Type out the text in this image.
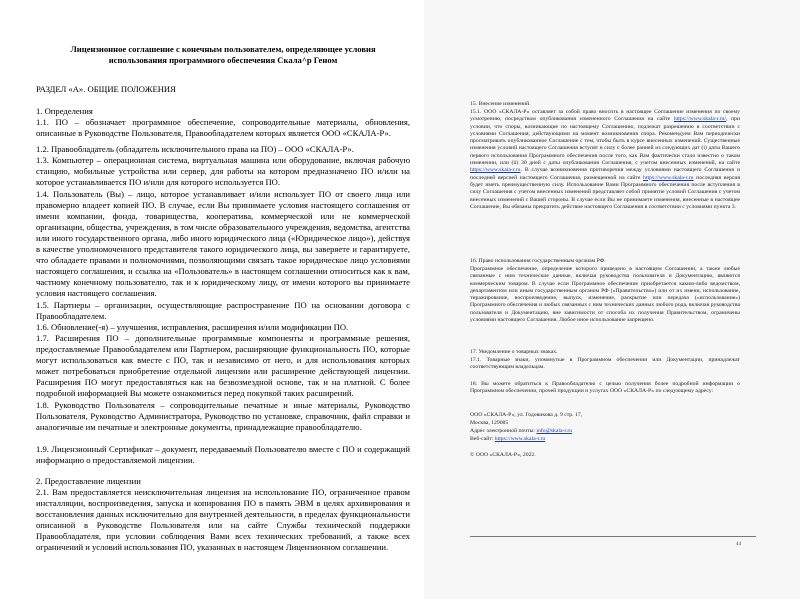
Лицензионное соглашение с конечным пользователем, определяющее условия
использования программного обеспечения Скала^р Геном
РАЗДЕЛ «А». ОБЩИЕ ПОЛОЖЕНИЯ
1. Определения
1.1. ПО – обозначает программное обеспечение, сопроводительные материалы, обновления, описанные в Руководстве Пользователя, Правообладателем которых является ООО «СКАЛА-Р».
1.2. Правообладатель (обладатель исключительного права на ПО) – ООО «СКАЛА-Р».
1.3. Компьютер – операционная система, виртуальная машина или оборудование, включая рабочую станцию, мобильные устройства или сервер, для работы на котором предназначено ПО и/или на которое устанавливается ПО и/или для которого используется ПО.
1.4. Пользователь (Вы) – лицо, которое устанавливает и/или использует ПО от своего лица или правомерно владеет копией ПО. В случае, если Вы принимаете условия настоящего соглашения от имени компании, фонда, товарищества, кооператива, коммерческой или не коммерческой организации, общества, учреждения, в том числе образовательного учреждения, ведомства, агентства или иного государственного органа, либо иного юридического лица («Юридическое лицо»), действуя в качестве уполномоченного представителя такого юридического лица, вы заверяете и гарантируете, что обладаете правами и полномочиями, позволяющими связать такое юридическое лицо условиями настоящего соглашения, и ссылка на «Пользователь» в настоящем соглашении относиться как к вам, частному конечному пользователю, так и к юридическому лицу, от имени которого вы принимаете условия настоящего соглашения.
1.5. Партнеры – организации, осуществляющие распространение ПО на основании договора с Правообладателем.
1.6. Обновление(-я) – улучшения, исправления, расширения и/или модификации ПО.
1.7. Расширения ПО – дополнительные программные компоненты и программные решения, предоставляемые Правообладателем или Партнером, расширяющие функциональность ПО, которые могут использоваться как вместе с ПО, так и независимо от него, и для использования которых может потребоваться приобретение отдельной лицензии или расширение действующей лицензии. Расширения ПО могут предоставляться как на безвозмездной основе, так и на платной. С более подробной информацией Вы можете ознакомиться перед покупкой таких расширений.
1.8. Руководство Пользователя – сопроводительные печатные и иные материалы, Руководство Пользователя, Руководство Администратора, Руководство по установке, справочник, файл справки и аналогичные им печатные и электронные документы, принадлежащие правообладателю.
1.9. Лицензионный Сертификат – документ, передаваемый Пользователю вместе с ПО и содержащий информацию о предоставляемой лицензии.
2. Предоставление лицензии
2.1. Вам предоставляется неисключительная лицензия на использование ПО, ограниченное правом инсталляции, воспроизведения, запуска и копирования ПО в память ЭВМ в целях архивирования и восстановления данных исключительно для внутренней деятельности, в пределах функциональности описанной в Руководстве Пользователя или на сайте Службы технической поддержки Правообладателя, при условии соблюдения Вами всех технических требований, а также всех ограничений и условий использования ПО, указанных в настоящем Лицензионном соглашении.
15. Внесение изменений.
15.1. ООО «СКАЛА-Р» оставляет за собой право вносить в настоящее Соглашение изменения по своему усмотрению, посредством опубликования измененного Соглашения на сайте https://www.skala-r.ru/, при условии, что споры, возникающие по настоящему Соглашению, подлежат разрешению в соответствии с условиями Соглашения, действующими на момент возникновения спора. Рекомендуем Вам периодически просматривать опубликованное Соглашение с тем, чтобы быть в курсе внесенных изменений. Существенные изменения условий настоящего Соглашения вступят в силу с более ранней из следующих дат (i) даты Вашего первого использования Программного обеспечения после того, как Вам фактически стало известно о таком изменении, или (ii) 30 дней с даты опубликования Соглашения, с учетом внесенных изменений, на сайте https://www.skala-r.ru. В случае возникновения противоречия между условиями настоящего Соглашения и последней версией настоящего Соглашения, размещенной на сайте https://www.skala-r.ru последняя версия будет иметь преимущественную силу. Использование Вами Программного обеспечения после вступления в силу Соглашения с учетом внесенных изменений представляет собой принятие условий Соглашения с учетом внесенных изменений с Вашей стороны. В случае если Вы не принимаете изменения, внесенные в настоящее Соглашение, Вы обязаны прекратить действие настоящего Соглашения в соответствии с условиями пункта 3.
16. Право использования государственным органам РФ.
Программное обеспечение, определение которого приведено в настоящем Соглашении, а также любые связанные с ним технические данные, включая руководства пользователя и Документацию, являются коммерческим товаром. В случае если Программное обеспечение приобретается каким-либо ведомством, департаментом или иным государственным органом РФ («Правительство») или от их имени, использование, тиражирование, воспроизведение, выпуск, изменение, раскрытие или передача («использование») Программного обеспечения и любых связанных с ним технических данных любого рода, включая руководства пользователя и Документацию, вне зависимости от способа их получения Правительством, ограничены условиями настоящего Соглашения. Любое иное использование запрещено.
17. Уведомление о товарных знаках.
17.1. Товарные знаки, упомянутые в Программном обеспечении или Документации, принадлежат соответствующим владельцам.
18. Вы можете обратиться к Правообладателю с целью получения более подробной информации о Программном обеспечении, прочей продукции и услугах ООО «СКАЛА-Р» по следующему адресу:
ООО «СКАЛА-Р», ул. Годовикова д. 9 стр. 17,
Москва, 129085
Адрес электронной почты: info@skala-r.ru
Веб-сайт: https://www.skala-r.ru
© ООО «СКАЛА-Р», 2022.
44
